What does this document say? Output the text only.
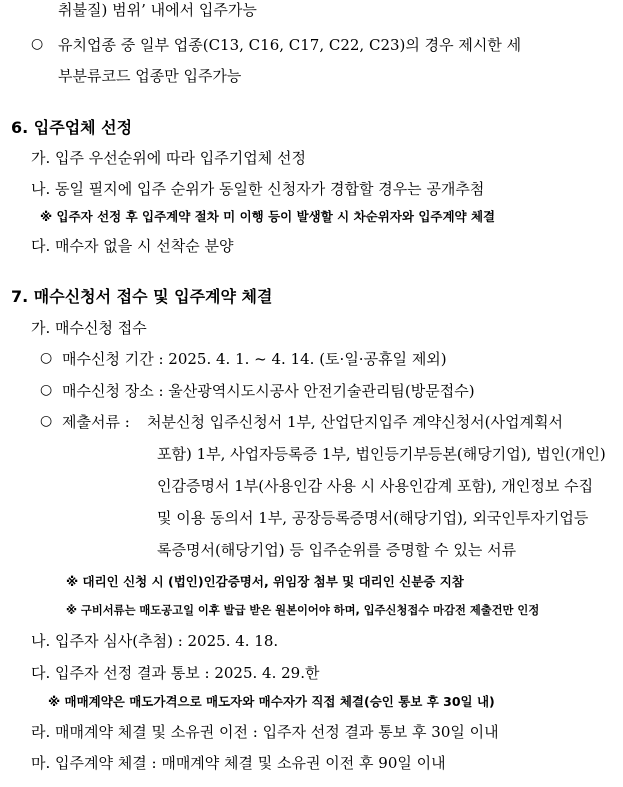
취불질) 범위’ 내에서 입주가능
○ 유치업종 중 일부 업종(C13, C16, C17, C22, C23)의 경우 제시한 세
부분류코드 업종만 입주가능
6. 입주업체 선정
가. 입주 우선순위에 따라 입주기업체 선정
나. 동일 필지에 입주 순위가 동일한 신청자가 경합할 경우는 공개추첨
※ 입주자 선정 후 입주계약 절차 미 이행 등이 발생할 시 차순위자와 입주계약 체결
다. 매수자 없을 시 선착순 분양
7. 매수신청서 접수 및 입주계약 체결
가. 매수신청 접수
○ 매수신청 기간 : 2025. 4. 1. ~ 4. 14. (토·일·공휴일 제외)
○ 매수신청 장소 : 울산광역시도시공사 안전기술관리팀(방문접수)
○ 제출서류 : 처분신청 입주신청서 1부, 산업단지입주 계약신청서(사업계획서
포함) 1부, 사업자등록증 1부, 법인등기부등본(해당기업), 법인(개인)
인감증명서 1부(사용인감 사용 시 사용인감계 포함), 개인정보 수집
및 이용 동의서 1부, 공장등록증명서(해당기업), 외국인투자기업등
록증명서(해당기업) 등 입주순위를 증명할 수 있는 서류
※ 대리인 신청 시 (법인)인감증명서, 위임장 첨부 및 대리인 신분증 지참
※ 구비서류는 매도공고일 이후 발급 받은 원본이어야 하며, 입주신청접수 마감전 제출건만 인정
나. 입주자 심사(추첨) : 2025. 4. 18.
다. 입주자 선정 결과 통보 : 2025. 4. 29.한
※ 매매계약은 매도가격으로 매도자와 매수자가 직접 체결(승인 통보 후 30일 내)
라. 매매계약 체결 및 소유권 이전 : 입주자 선정 결과 통보 후 30일 이내
마. 입주계약 체결 : 매매계약 체결 및 소유권 이전 후 90일 이내
